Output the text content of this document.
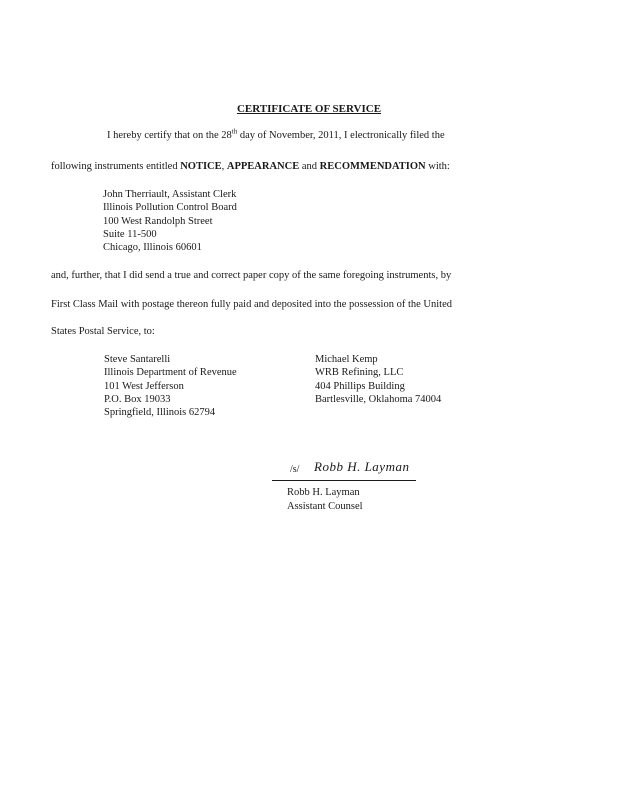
CERTIFICATE OF SERVICE
I hereby certify that on the 28th day of November, 2011, I electronically filed the
following instruments entitled NOTICE, APPEARANCE and RECOMMENDATION with:
John Therriault, Assistant Clerk
Illinois Pollution Control Board
100 West Randolph Street
Suite 11-500
Chicago, Illinois 60601
and, further, that I did send a true and correct paper copy of the same foregoing instruments, by
First Class Mail with postage thereon fully paid and deposited into the possession of the United
States Postal Service, to:
Steve Santarelli
Illinois Department of Revenue
101 West Jefferson
P.O. Box 19033
Springfield, Illinois 62794
Michael Kemp
WRB Refining, LLC
404 Phillips Building
Bartlesville, Oklahoma 74004
/s/ Robb H. Layman
Robb H. Layman
Assistant Counsel
